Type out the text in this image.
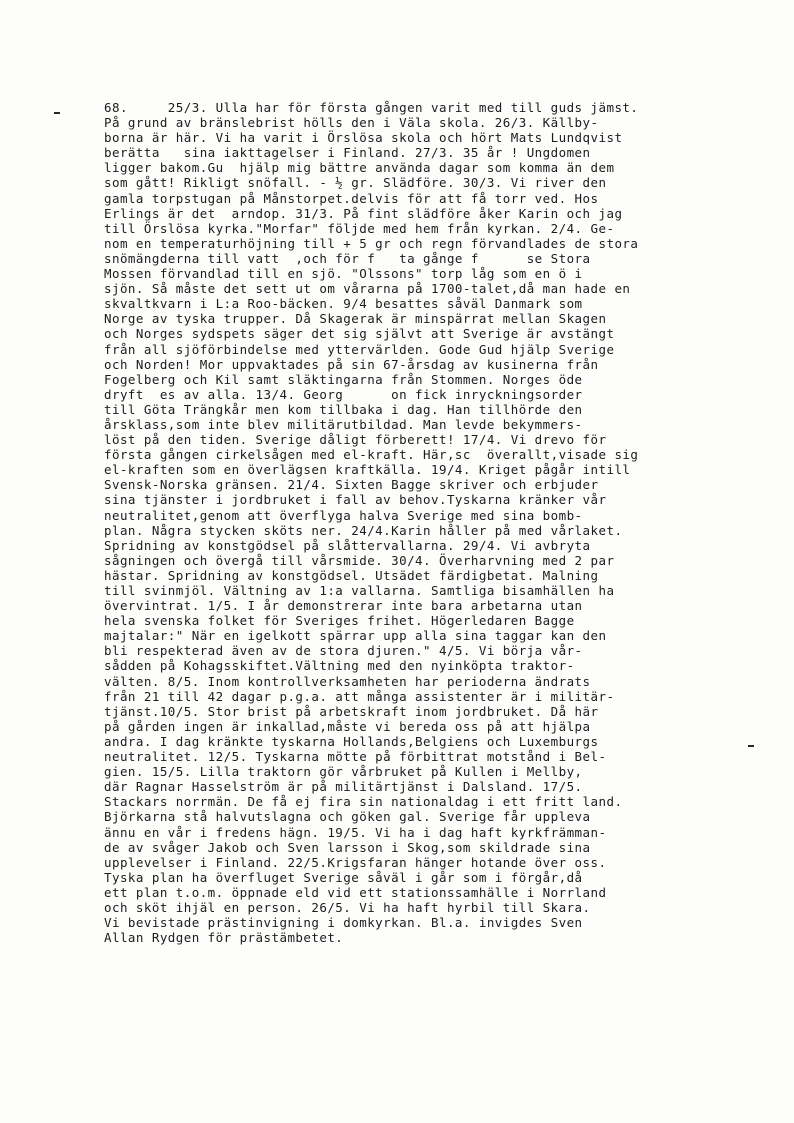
68.     25/3. Ulla har för första gången varit med till guds jämst.
På grund av bränslebrist hölls den i Väla skola. 26/3. Källby-
borna är här. Vi ha varit i Örslösa skola och hört Mats Lundqvist
berätta   sina iakttagelser i Finland. 27/3. 35 år ! Ungdomen
ligger bakom.Gu  hjälp mig bättre använda dagar som komma än dem
som gått! Rikligt snöfall. - ½ gr. Slädföre. 30/3. Vi river den
gamla torpstugan på Månstorpet.delvis för att få torr ved. Hos
Erlings är det  arndop. 31/3. På fint slädföre åker Karin och jag
till Örslösa kyrka."Morfar" följde med hem från kyrkan. 2/4. Ge-
nom en temperaturhöjning till + 5 gr och regn förvandlades de stora
snömängderna till vatt  ,och för f   ta gånge f      se Stora
Mossen förvandlad till en sjö. "Olssons" torp låg som en ö i
sjön. Så måste det sett ut om vårarna på 1700-talet,då man hade en
skvaltkvarn i L:a Roo-bäcken. 9/4 besattes såväl Danmark som
Norge av tyska trupper. Då Skagerak är minspärrat mellan Skagen
och Norges sydspets säger det sig självt att Sverige är avstängt
från all sjöförbindelse med yttervärlden. Gode Gud hjälp Sverige
och Norden! Mor uppvaktades på sin 67-årsdag av kusinerna från
Fogelberg och Kil samt släktingarna från Stommen. Norges öde
dryft  es av alla. 13/4. Georg      on fick inryckningsorder
till Göta Trängkår men kom tillbaka i dag. Han tillhörde den
årsklass,som inte blev militärutbildad. Man levde bekymmers-
löst på den tiden. Sverige dåligt förberett! 17/4. Vi drevo för
första gången cirkelsågen med el-kraft. Här,sc  överallt,visade sig
el-kraften som en överlägsen kraftkälla. 19/4. Kriget pågår intill
Svensk-Norska gränsen. 21/4. Sixten Bagge skriver och erbjuder
sina tjänster i jordbruket i fall av behov.Tyskarna kränker vår
neutralitet,genom att överflyga halva Sverige med sina bomb-
plan. Några stycken sköts ner. 24/4.Karin håller på med vårlaket.
Spridning av konstgödsel på slåttervallarna. 29/4. Vi avbryta
sågningen och övergå till vårsmide. 30/4. Överharvning med 2 par
hästar. Spridning av konstgödsel. Utsädet färdigbetat. Malning
till svinmjöl. Vältning av 1:a vallarna. Samtliga bisamhällen ha
övervintrat. 1/5. I år demonstrerar inte bara arbetarna utan
hela svenska folket för Sveriges frihet. Högerledaren Bagge
majtalar:" När en igelkott spärrar upp alla sina taggar kan den
bli respekterad även av de stora djuren." 4/5. Vi börja vår-
sådden på Kohagsskiftet.Vältning med den nyinköpta traktor-
välten. 8/5. Inom kontrollverksamheten har perioderna ändrats
från 21 till 42 dagar p.g.a. att många assistenter är i militär-
tjänst.10/5. Stor brist på arbetskraft inom jordbruket. Då här
på gården ingen är inkallad,måste vi bereda oss på att hjälpa
andra. I dag kränkte tyskarna Hollands,Belgiens och Luxemburgs
neutralitet. 12/5. Tyskarna mötte på förbittrat motstånd i Bel-
gien. 15/5. Lilla traktorn gör vårbruket på Kullen i Mellby,
där Ragnar Hasselström är på militärtjänst i Dalsland. 17/5.
Stackars norrmän. De få ej fira sin nationaldag i ett fritt land.
Björkarna stå halvutslagna och göken gal. Sverige får uppleva
ännu en vår i fredens hägn. 19/5. Vi ha i dag haft kyrkfrämman-
de av svåger Jakob och Sven larsson i Skog,som skildrade sina
upplevelser i Finland. 22/5.Krigsfaran hänger hotande över oss.
Tyska plan ha överfluget Sverige såväl i går som i förgår,då
ett plan t.o.m. öppnade eld vid ett stationssamhälle i Norrland
och sköt ihjäl en person. 26/5. Vi ha haft hyrbil till Skara.
Vi bevistade prästinvigning i domkyrkan. Bl.a. invigdes Sven
Allan Rydgen för prästämbetet.
